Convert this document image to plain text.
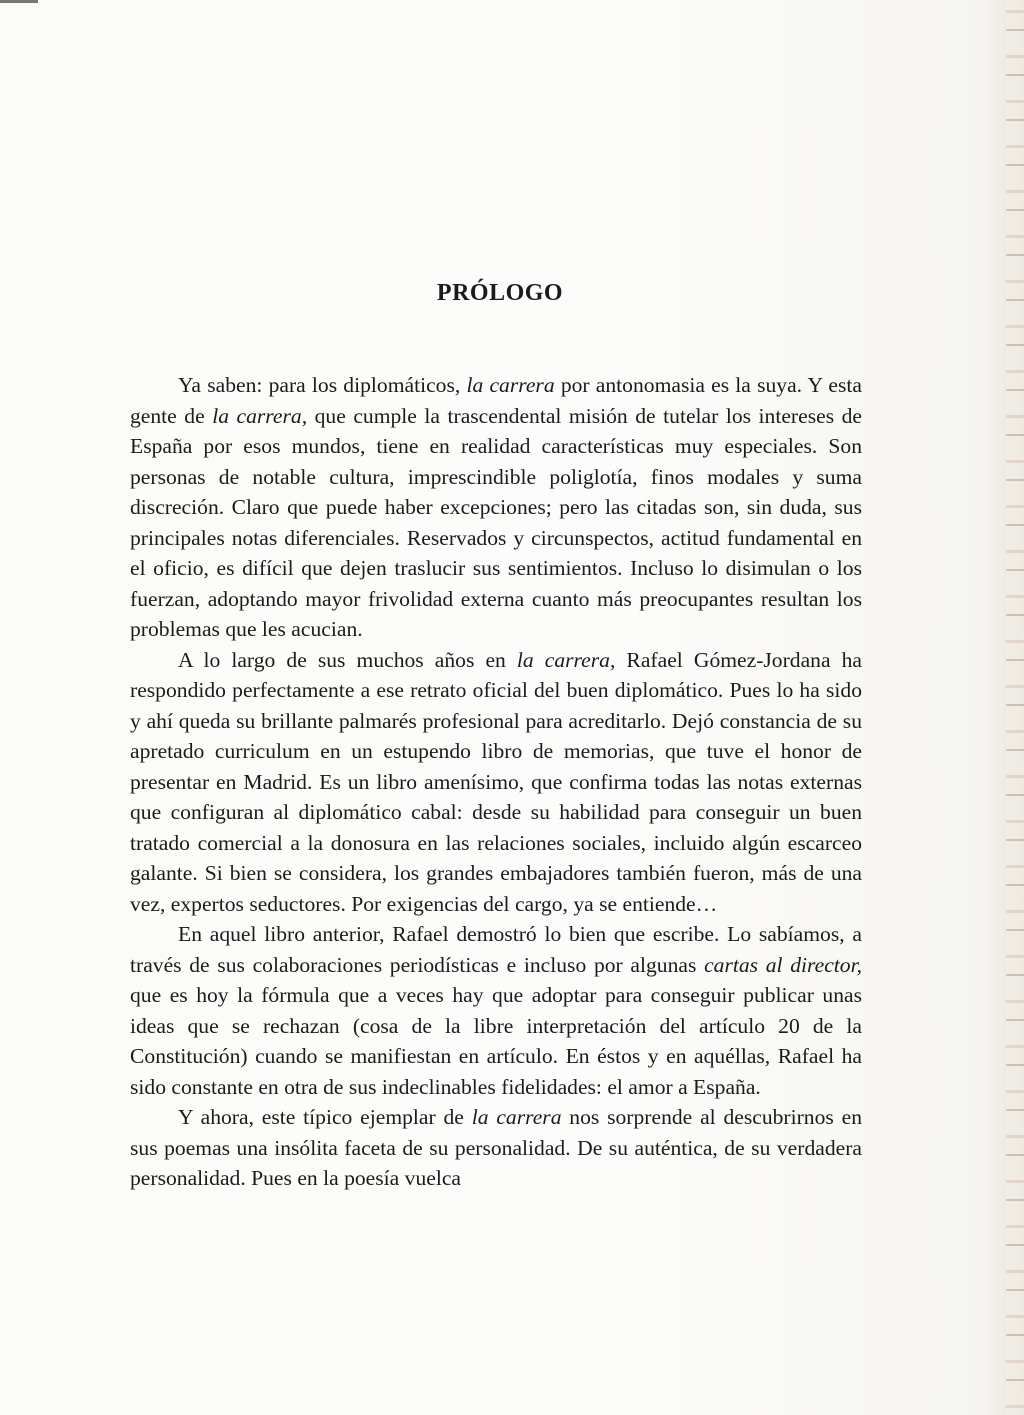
PRÓLOGO

Ya saben: para los diplomáticos, la carrera por antonomasia es la suya. Y esta gente de la carrera, que cumple la trascendental misión de tutelar los intereses de España por esos mundos, tiene en realidad características muy especiales. Son personas de notable cultura, imprescindible poliglotía, finos modales y suma discreción. Claro que puede haber excepciones; pero las citadas son, sin duda, sus principales notas diferenciales. Reservados y circunspectos, actitud fundamental en el oficio, es difícil que dejen traslucir sus sentimientos. Incluso lo disimulan o los fuerzan, adoptando mayor frivolidad externa cuanto más preocupantes resultan los problemas que les acucian.

A lo largo de sus muchos años en la carrera, Rafael Gómez-Jordana ha respondido perfectamente a ese retrato oficial del buen diplomático. Pues lo ha sido y ahí queda su brillante palmarés profesional para acreditarlo. Dejó constancia de su apretado curriculum en un estupendo libro de memorias, que tuve el honor de presentar en Madrid. Es un libro amenísimo, que confirma todas las notas externas que configuran al diplomático cabal: desde su habilidad para conseguir un buen tratado comercial a la donosura en las relaciones sociales, incluido algún escarceo galante. Si bien se considera, los grandes embajadores también fueron, más de una vez, expertos seductores. Por exigencias del cargo, ya se entiende…

En aquel libro anterior, Rafael demostró lo bien que escribe. Lo sabíamos, a través de sus colaboraciones periodísticas e incluso por algunas cartas al director, que es hoy la fórmula que a veces hay que adoptar para conseguir publicar unas ideas que se rechazan (cosa de la libre interpretación del artículo 20 de la Constitución) cuando se manifiestan en artículo. En éstos y en aquéllas, Rafael ha sido constante en otra de sus indeclinables fidelidades: el amor a España.

Y ahora, este típico ejemplar de la carrera nos sorprende al descubrirnos en sus poemas una insólita faceta de su personalidad. De su auténtica, de su verdadera personalidad. Pues en la poesía vuelca
